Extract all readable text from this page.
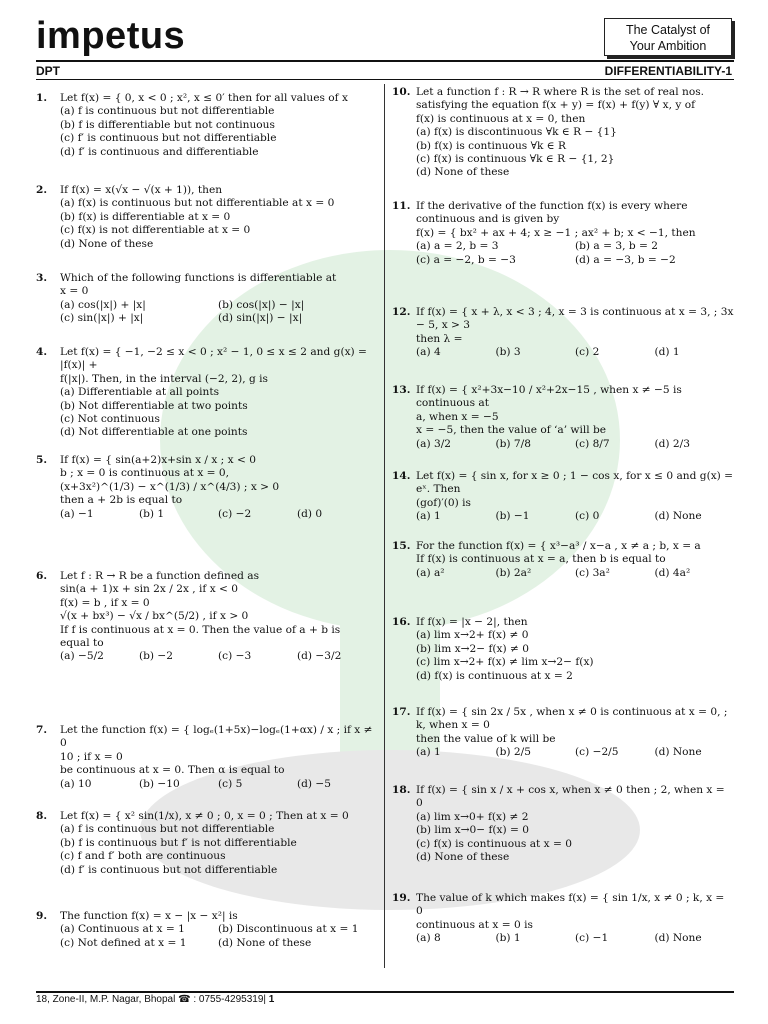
impetus	The Catalyst of
Your Ambition
DPT	DIFFERENTIABILITY-1
1. Let f(x) = { 0, x < 0 ; x², x ≤ 0′ then for all values of x
(a) f is continuous but not differentiable
(b) f is differentiable but not continuous
(c) f′ is continuous but not differentiable
(d) f′ is continuous and differentiable
2. If f(x) = x(√x − √(x + 1)), then
(a) f(x) is continuous but not differentiable at x = 0
(b) f(x) is differentiable at x = 0
(c) f(x) is not differentiable at x = 0
(d) None of these
3. Which of the following functions is differentiable at
x = 0
(a) cos(|x|) + |x|	(b) cos(|x|) − |x|
(c) sin(|x|) + |x|	(d) sin(|x|) − |x|
4. Let f(x) = { −1, −2 ≤ x < 0 ; x² − 1, 0 ≤ x ≤ 2 and g(x) = |f(x)| +
f(|x|). Then, in the interval (−2, 2), g is
(a) Differentiable at all points
(b) Not differentiable at two points
(c) Not continuous
(d) Not differentiable at one points
5. If f(x) = { sin(a+2)x+sin x / x ; x < 0
b ; x = 0 is continuous at x = 0,
(x+3x²)^(1/3) − x^(1/3) / x^(4/3) ; x > 0
then a + 2b is equal to
(a) −1	(b) 1	(c) −2	(d) 0
6. Let f : R → R be a function defined as
sin(a + 1)x + sin 2x / 2x , if x < 0
f(x) = b , if x = 0
√(x + bx³) − √x / bx^(5/2) , if x > 0
If f is continuous at x = 0. Then the value of a + b is
equal to
(a) −5/2	(b) −2	(c) −3	(d) −3/2
7. Let the function f(x) = { logₑ(1+5x)−logₑ(1+αx) / x ; if x ≠ 0
10 ; if x = 0
be continuous at x = 0. Then α is equal to
(a) 10	(b) −10	(c) 5	(d) −5
8. Let f(x) = { x² sin(1/x), x ≠ 0 ; 0, x = 0 ; Then at x = 0
(a) f is continuous but not differentiable
(b) f is continuous but f′ is not differentiable
(c) f and f′ both are continuous
(d) f′ is continuous but not differentiable
9. The function f(x) = x − |x − x²| is
(a) Continuous at x = 1	(b) Discontinuous at x = 1
(c) Not defined at x = 1	(d) None of these
10. Let a function f : R → R where R is the set of real nos.
satisfying the equation f(x + y) = f(x) + f(y) ∀ x, y of
f(x) is continuous at x = 0, then
(a) f(x) is discontinuous ∀k ∈ R − {1}
(b) f(x) is continuous ∀k ∈ R
(c) f(x) is continuous ∀k ∈ R − {1, 2}
(d) None of these
11. If the derivative of the function f(x) is every where
continuous and is given by
f(x) = { bx² + ax + 4; x ≥ −1 ; ax² + b; x < −1, then
(a) a = 2, b = 3	(b) a = 3, b = 2
(c) a = −2, b = −3	(d) a = −3, b = −2
12. If f(x) = { x + λ, x < 3 ; 4, x = 3 is continuous at x = 3, ; 3x − 5, x > 3
then λ =
(a) 4	(b) 3	(c) 2	(d) 1
13. If f(x) = { x²+3x−10 / x²+2x−15 , when x ≠ −5 is continuous at
a, when x = −5
x = −5, then the value of ‘a’ will be
(a) 3/2	(b) 7/8	(c) 8/7	(d) 2/3
14. Let f(x) = { sin x, for x ≥ 0 ; 1 − cos x, for x ≤ 0 and g(x) = eˣ. Then
(gof)′(0) is
(a) 1	(b) −1	(c) 0	(d) None
15. For the function f(x) = { x³−a³ / x−a , x ≠ a ; b, x = a
If f(x) is continuous at x = a, then b is equal to
(a) a²	(b) 2a²	(c) 3a²	(d) 4a²
16. If f(x) = |x − 2|, then
(a) lim x→2+ f(x) ≠ 0
(b) lim x→2− f(x) ≠ 0
(c) lim x→2+ f(x) ≠ lim x→2− f(x)
(d) f(x) is continuous at x = 2
17. If f(x) = { sin 2x / 5x , when x ≠ 0 is continuous at x = 0, ; k, when x = 0
then the value of k will be
(a) 1	(b) 2/5	(c) −2/5	(d) None
18. If f(x) = { sin x / x + cos x, when x ≠ 0 then ; 2, when x = 0
(a) lim x→0+ f(x) ≠ 2
(b) lim x→0− f(x) = 0
(c) f(x) is continuous at x = 0
(d) None of these
19. The value of k which makes f(x) = { sin 1/x, x ≠ 0 ; k, x = 0
continuous at x = 0 is
(a) 8	(b) 1	(c) −1	(d) None
18, Zone-II, M.P. Nagar, Bhopal ☎ : 0755-4295319| 1
